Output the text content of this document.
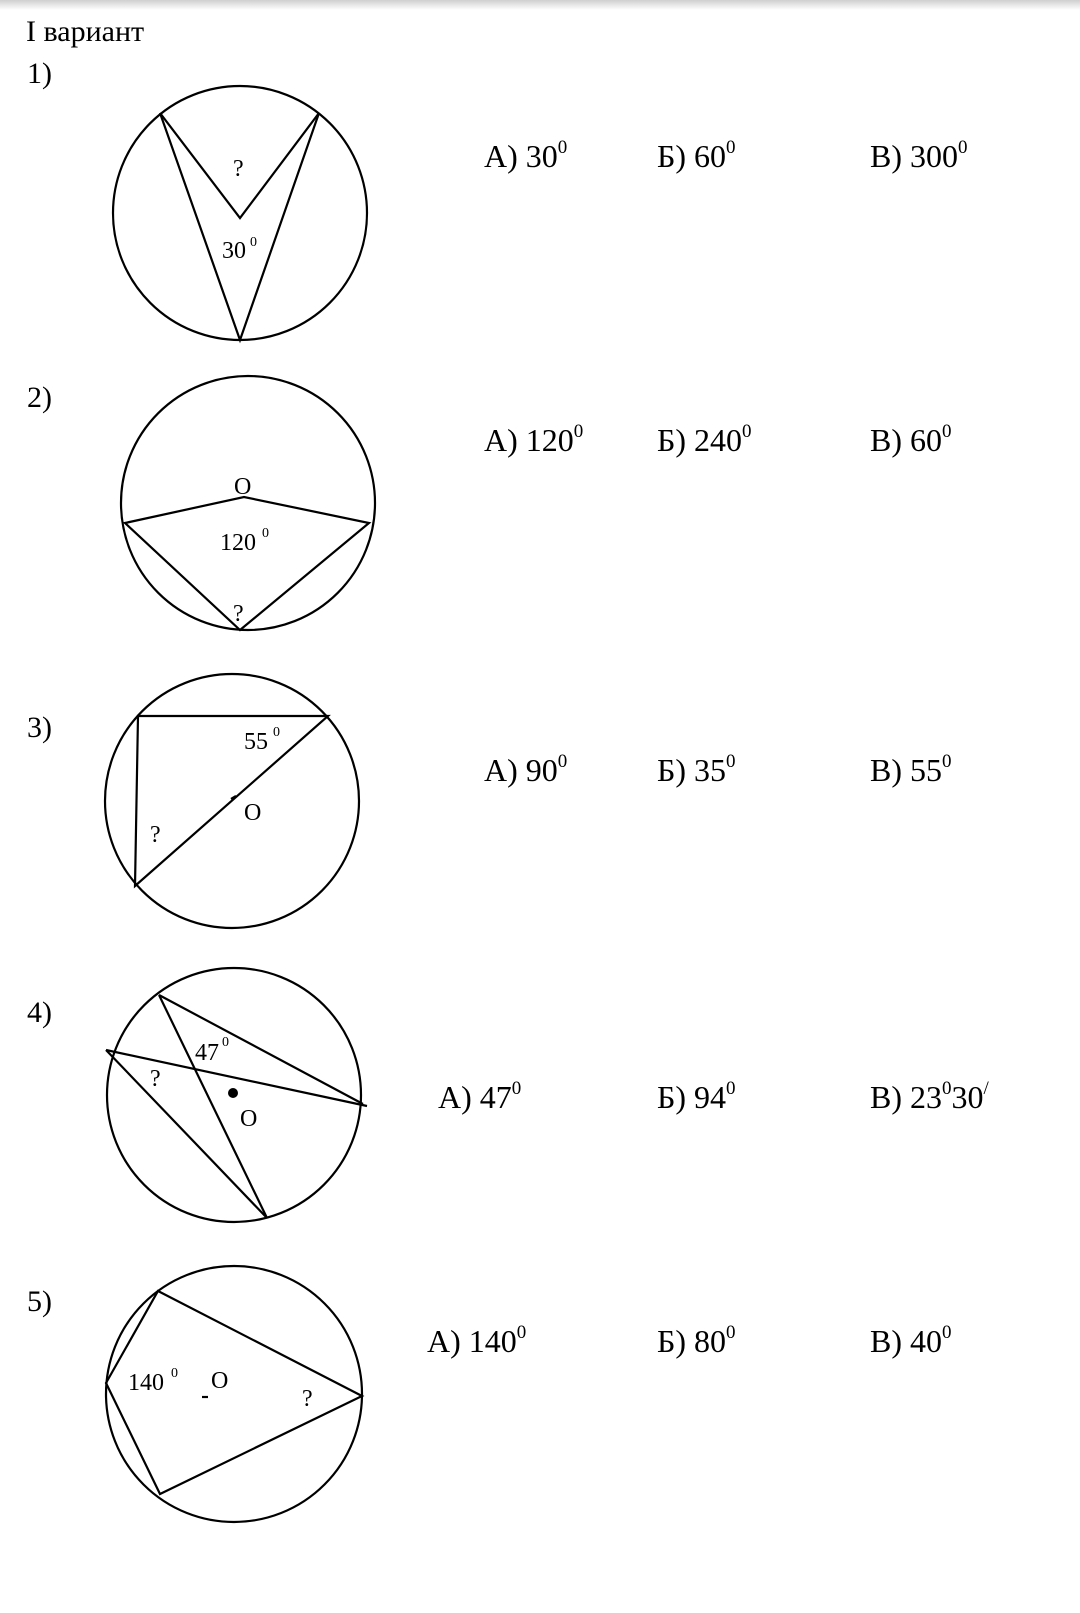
I вариант
1)
2)
3)
4)
5)
?
30 0
O
120 0
?
55 0
O
?
47 0
?
O
140 0 O
?
А) $30^0$	Б) $60^0$	В) $300^0$
А) $120^0$ Б) $240^0$	В) $60^0$
А) $90^0$	Б) $35^0$	В) $55^0$
А) $47^0$	Б) $94^0$	В) $23^030^/$
А) $140^0$	Б) $80^0$	В) $40^0$
